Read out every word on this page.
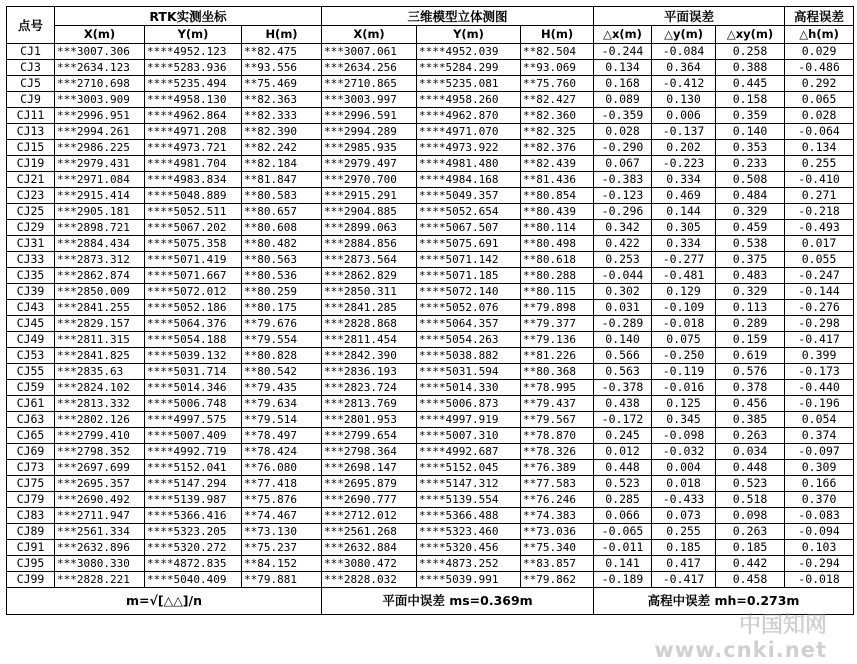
点号	RTK实测坐标			三维模型立体测图			平面误差			高程误差
	X(m)	Y(m)	H(m)	X(m)	Y(m)	H(m)	△x(m)	△y(m)	△xy(m)	△h(m)
CJ1	***3007.306	****4952.123	**82.475	***3007.061	****4952.039	**82.504	-0.244	-0.084	0.258	0.029
CJ3	***2634.123	****5283.936	**93.556	***2634.256	****5284.299	**93.069	0.134	0.364	0.388	-0.486
CJ5	***2710.698	****5235.494	**75.469	***2710.865	****5235.081	**75.760	0.168	-0.412	0.445	0.292
CJ9	***3003.909	****4958.130	**82.363	***3003.997	****4958.260	**82.427	0.089	0.130	0.158	0.065
CJ11	***2996.951	****4962.864	**82.333	***2996.591	****4962.870	**82.360	-0.359	0.006	0.359	0.028
CJ13	***2994.261	****4971.208	**82.390	***2994.289	****4971.070	**82.325	0.028	-0.137	0.140	-0.064
CJ15	***2986.225	****4973.721	**82.242	***2985.935	****4973.922	**82.376	-0.290	0.202	0.353	0.134
CJ19	***2979.431	****4981.704	**82.184	***2979.497	****4981.480	**82.439	0.067	-0.223	0.233	0.255
CJ21	***2971.084	****4983.834	**81.847	***2970.700	****4984.168	**81.436	-0.383	0.334	0.508	-0.410
CJ23	***2915.414	****5048.889	**80.583	***2915.291	****5049.357	**80.854	-0.123	0.469	0.484	0.271
CJ25	***2905.181	****5052.511	**80.657	***2904.885	****5052.654	**80.439	-0.296	0.144	0.329	-0.218
CJ29	***2898.721	****5067.202	**80.608	***2899.063	****5067.507	**80.114	0.342	0.305	0.459	-0.493
CJ31	***2884.434	****5075.358	**80.482	***2884.856	****5075.691	**80.498	0.422	0.334	0.538	0.017
CJ33	***2873.312	****5071.419	**80.563	***2873.564	****5071.142	**80.618	0.253	-0.277	0.375	0.055
CJ35	***2862.874	****5071.667	**80.536	***2862.829	****5071.185	**80.288	-0.044	-0.481	0.483	-0.247
CJ39	***2850.009	****5072.012	**80.259	***2850.311	****5072.140	**80.115	0.302	0.129	0.329	-0.144
CJ43	***2841.255	****5052.186	**80.175	***2841.285	****5052.076	**79.898	0.031	-0.109	0.113	-0.276
CJ45	***2829.157	****5064.376	**79.676	***2828.868	****5064.357	**79.377	-0.289	-0.018	0.289	-0.298
CJ49	***2811.315	****5054.188	**79.554	***2811.454	****5054.263	**79.136	0.140	0.075	0.159	-0.417
CJ53	***2841.825	****5039.132	**80.828	***2842.390	****5038.882	**81.226	0.566	-0.250	0.619	0.399
CJ55	***2835.63	****5031.714	**80.542	***2836.193	****5031.594	**80.368	0.563	-0.119	0.576	-0.173
CJ59	***2824.102	****5014.346	**79.435	***2823.724	****5014.330	**78.995	-0.378	-0.016	0.378	-0.440
CJ61	***2813.332	****5006.748	**79.634	***2813.769	****5006.873	**79.437	0.438	0.125	0.456	-0.196
CJ63	***2802.126	****4997.575	**79.514	***2801.953	****4997.919	**79.567	-0.172	0.345	0.385	0.054
CJ65	***2799.410	****5007.409	**78.497	***2799.654	****5007.310	**78.870	0.245	-0.098	0.263	0.374
CJ69	***2798.352	****4992.719	**78.424	***2798.364	****4992.687	**78.326	0.012	-0.032	0.034	-0.097
CJ73	***2697.699	****5152.041	**76.080	***2698.147	****5152.045	**76.389	0.448	0.004	0.448	0.309
CJ75	***2695.357	****5147.294	**77.418	***2695.879	****5147.312	**77.583	0.523	0.018	0.523	0.166
CJ79	***2690.492	****5139.987	**75.876	***2690.777	****5139.554	**76.246	0.285	-0.433	0.518	0.370
CJ83	***2711.947	****5366.416	**74.467	***2712.012	****5366.488	**74.383	0.066	0.073	0.098	-0.083
CJ89	***2561.334	****5323.205	**73.130	***2561.268	****5323.460	**73.036	-0.065	0.255	0.263	-0.094
CJ91	***2632.896	****5320.272	**75.237	***2632.884	****5320.456	**75.340	-0.011	0.185	0.185	0.103
CJ95	***3080.330	****4872.835	**84.152	***3080.472	****4873.252	**83.857	0.141	0.417	0.442	-0.294
CJ99	***2828.221	****5040.409	**79.881	***2828.032	****5039.991	**79.862	-0.189	-0.417	0.458	-0.018
m=√[△△]/n				平面中误差 ms=0.369m			高程中误差 mh=0.273m			
中国知网
www.cnki.net
